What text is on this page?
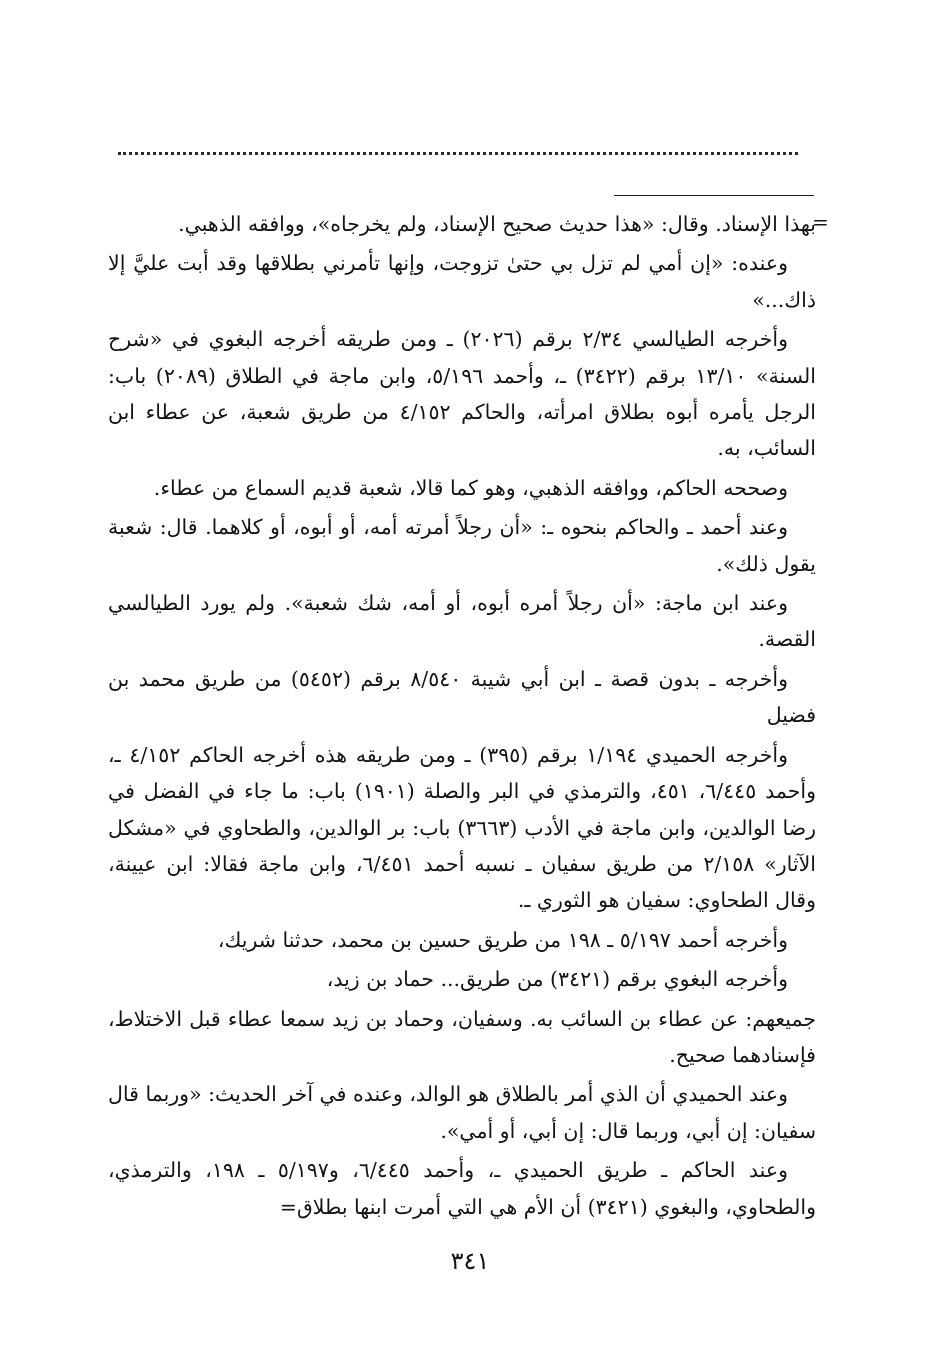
=

بهذا الإسناد. وقال: «هذا حديث صحيح الإسناد، ولم يخرجاه»، ووافقه الذهبي.

وعنده: «إن أمي لم تزل بي حتىٰ تزوجت، وإنها تأمرني بطلاقها وقد أبت عليَّ إلا ذاك...»

وأخرجه الطيالسي ٢/٣٤ برقم (٢٠٢٦) ـ ومن طريقه أخرجه البغوي في «شرح السنة» ١٣/١٠ برقم (٣٤٢٢) ـ، وأحمد ٥/١٩٦، وابن ماجة في الطلاق (٢٠٨٩) باب: الرجل يأمره أبوه بطلاق امرأته، والحاكم ٤/١٥٢ من طريق شعبة، عن عطاء ابن السائب، به.

وصححه الحاكم، ووافقه الذهبي، وهو كما قالا، شعبة قديم السماع من عطاء.

وعند أحمد ـ والحاكم بنحوه ـ: «أن رجلاً أمرته أمه، أو أبوه، أو كلاهما. قال: شعبة يقول ذلك».

وعند ابن ماجة: «أن رجلاً أمره أبوه، أو أمه، شك شعبة». ولم يورد الطيالسي القصة.

وأخرجه ـ بدون قصة ـ ابن أبي شيبة ٨/٥٤٠ برقم (٥٤٥٢) من طريق محمد بن فضيل

وأخرجه الحميدي ١/١٩٤ برقم (٣٩٥) ـ ومن طريقه هذه أخرجه الحاكم ٤/١٥٢ ـ، وأحمد ٦/٤٤٥، ٤٥١، والترمذي في البر والصلة (١٩٠١) باب: ما جاء في الفضل في رضا الوالدين، وابن ماجة في الأدب (٣٦٦٣) باب: بر الوالدين، والطحاوي في «مشكل الآثار» ٢/١٥٨ من طريق سفيان ـ نسبه أحمد ٦/٤٥١، وابن ماجة فقالا: ابن عيينة، وقال الطحاوي: سفيان هو الثوري ـ.

وأخرجه أحمد ٥/١٩٧ ـ ١٩٨ من طريق حسين بن محمد، حدثنا شريك،

وأخرجه البغوي برقم (٣٤٢١) من طريق... حماد بن زيد،

جميعهم: عن عطاء بن السائب به. وسفيان، وحماد بن زيد سمعا عطاء قبل الاختلاط، فإسنادهما صحيح.

وعند الحميدي أن الذي أمر بالطلاق هو الوالد، وعنده في آخر الحديث: «وربما قال سفيان: إن أبي، وربما قال: إن أبي، أو أمي».

وعند الحاكم ـ طريق الحميدي ـ، وأحمد ٦/٤٤٥، و٥/١٩٧ ـ ١٩٨، والترمذي، والطحاوي، والبغوي (٣٤٢١) أن الأم هي التي أمرت ابنها بطلاق=

٣٤١
